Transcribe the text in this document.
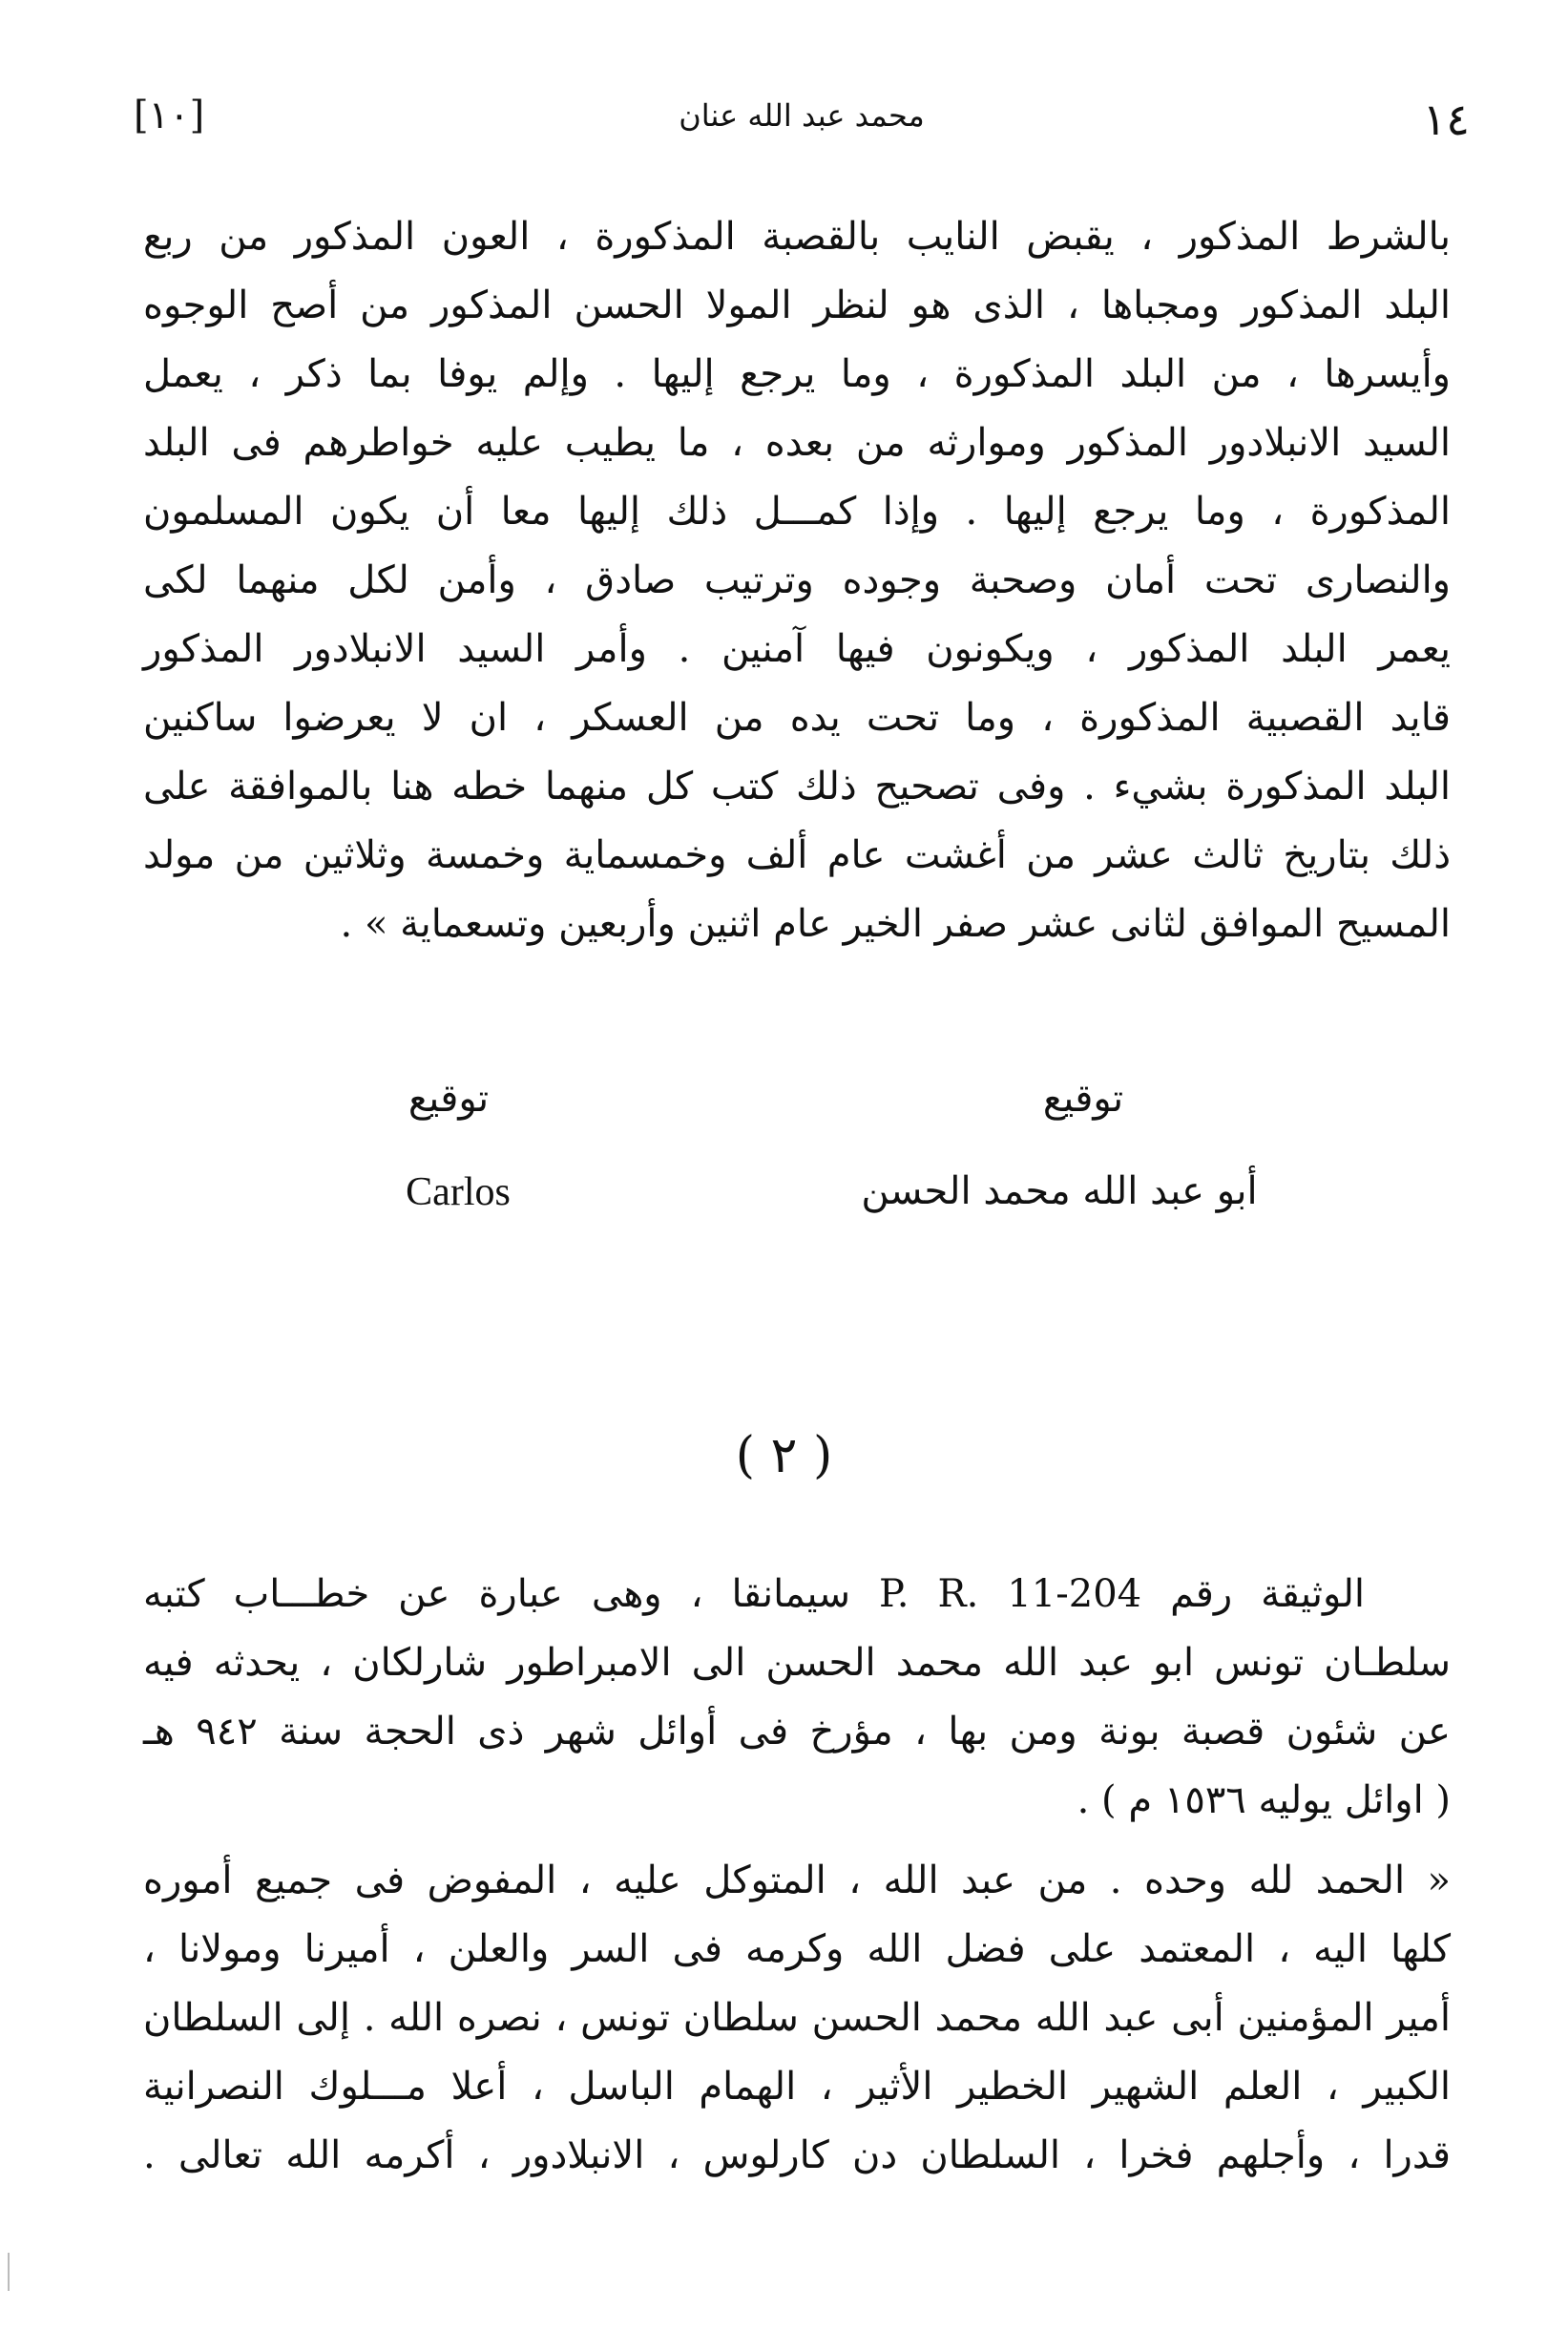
١٤
محمد عبد الله عنان
[١٠]
بالشرط المذكور ، يقبض النايب بالقصبة المذكورة ، العون المذكور من ربع
البلد المذكور ومجباها ، الذى هو لنظر المولا الحسن المذكور من أصح الوجوه
وأيسرها ، من البلد المذكورة ، وما يرجع إليها . وإلم يوفا بما ذكر ، يعمل
السيد الانبلادور المذكور وموارثه من بعده ، ما يطيب عليه خواطرهم فى البلد
المذكورة ، وما يرجع إليها . وإذا كمـــل ذلك إليها معا أن يكون المسلمون
والنصارى تحت أمان وصحبة وجوده وترتيب صادق ، وأمن لكل منهما لكى
يعمر البلد المذكور ، ويكونون فيها آمنين . وأمر السيد الانبلادور المذكور
قايد القصبية المذكورة ، وما تحت يده من العسكر ، ان لا يعرضوا ساكنين
البلد المذكورة بشيء . وفى تصحيح ذلك كتب كل منهما خطه هنا بالموافقة على
ذلك بتاريخ ثالث عشر من أغشت عام ألف وخمسماية وخمسة وثلاثين من مولد
المسيح الموافق لثانى عشر صفر الخير عام اثنين وأربعين وتسعماية » .
توقيع
أبو عبد الله محمد الحسن
توقيع
Carlos
( ٢ )
الوثيقة رقم P. R. 11-204 سيمانقا ، وهى عبارة عن خطـــاب كتبه
سلطـان تونس ابو عبد الله محمد الحسن الى الامبراطور شارلكان ، يحدثه فيه
عن شئون قصبة بونة ومن بها ، مؤرخ فى أوائل شهر ذى الحجة سنة ٩٤٢ هـ
( اوائل يوليه ١٥٣٦ م ) .
« الحمد لله وحده . من عبد الله ، المتوكل عليه ، المفوض فى جميع أموره
كلها اليه ، المعتمد على فضل الله وكرمه فى السر والعلن ، أميرنا ومولانا ،
أمير المؤمنين أبى عبد الله محمد الحسن سلطان تونس ، نصره الله . إلى السلطان
الكبير ، العلم الشهير الخطير الأثير ، الهمام الباسل ، أعلا مـــلوك النصرانية
قدرا ، وأجلهم فخرا ، السلطان دن كارلوس ، الانبلادور ، أكرمه الله تعالى .
